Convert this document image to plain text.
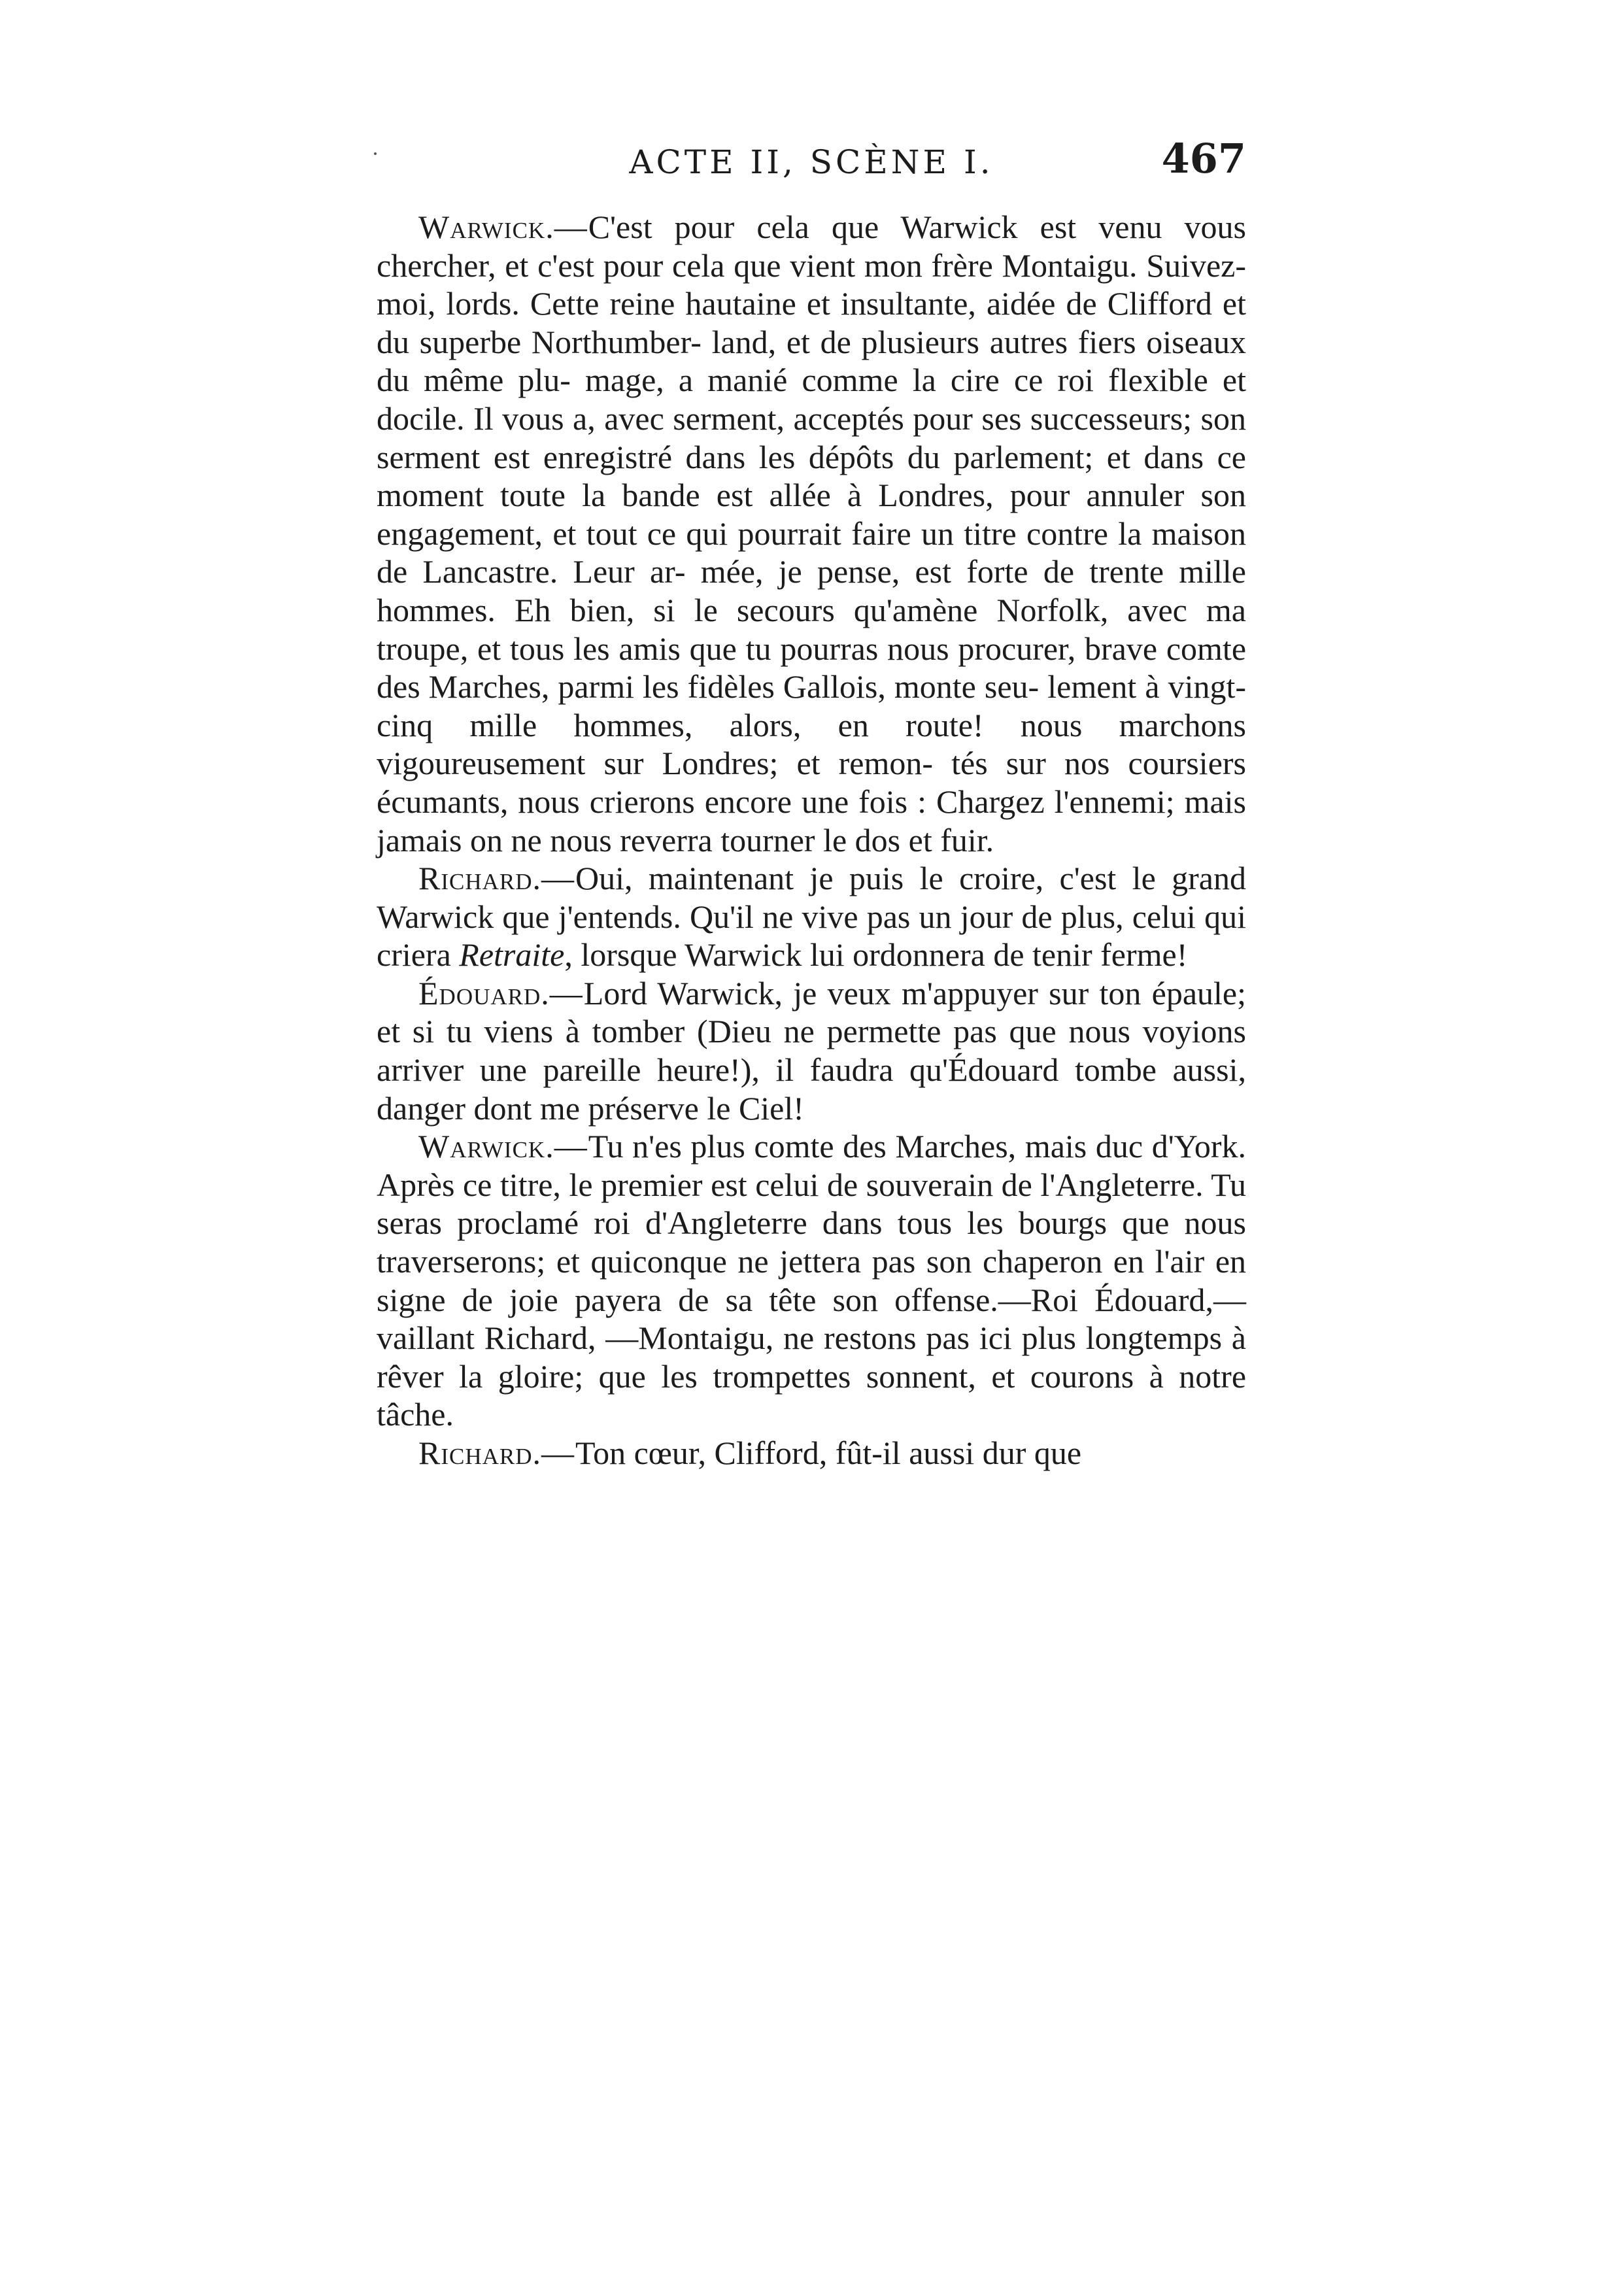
ACTE II, SCÈNE I.	467

Warwick.—C'est pour cela que Warwick est venu vous chercher, et c'est pour cela que vient mon frère Montaigu. Suivez-moi, lords. Cette reine hautaine et insultante, aidée de Clifford et du superbe Northumber- land, et de plusieurs autres fiers oiseaux du même plu- mage, a manié comme la cire ce roi flexible et docile. Il vous a, avec serment, acceptés pour ses successeurs; son serment est enregistré dans les dépôts du parlement; et dans ce moment toute la bande est allée à Londres, pour annuler son engagement, et tout ce qui pourrait faire un titre contre la maison de Lancastre. Leur ar- mée, je pense, est forte de trente mille hommes. Eh bien, si le secours qu'amène Norfolk, avec ma troupe, et tous les amis que tu pourras nous procurer, brave comte des Marches, parmi les fidèles Gallois, monte seu- lement à vingt-cinq mille hommes, alors, en route! nous marchons vigoureusement sur Londres; et remon- tés sur nos coursiers écumants, nous crierons encore une fois : Chargez l'ennemi; mais jamais on ne nous reverra tourner le dos et fuir.

Richard.—Oui, maintenant je puis le croire, c'est le grand Warwick que j'entends. Qu'il ne vive pas un jour de plus, celui qui criera Retraite, lorsque Warwick lui ordonnera de tenir ferme!

Édouard.—Lord Warwick, je veux m'appuyer sur ton épaule; et si tu viens à tomber (Dieu ne permette pas que nous voyions arriver une pareille heure!), il faudra qu'Édouard tombe aussi, danger dont me préserve le Ciel!

Warwick.—Tu n'es plus comte des Marches, mais duc d'York. Après ce titre, le premier est celui de souverain de l'Angleterre. Tu seras proclamé roi d'Angleterre dans tous les bourgs que nous traverserons; et quiconque ne jettera pas son chaperon en l'air en signe de joie payera de sa tête son offense.—Roi Édouard,—vaillant Richard, —Montaigu, ne restons pas ici plus longtemps à rêver la gloire; que les trompettes sonnent, et courons à notre tâche.

Richard.—Ton cœur, Clifford, fût-il aussi dur que
